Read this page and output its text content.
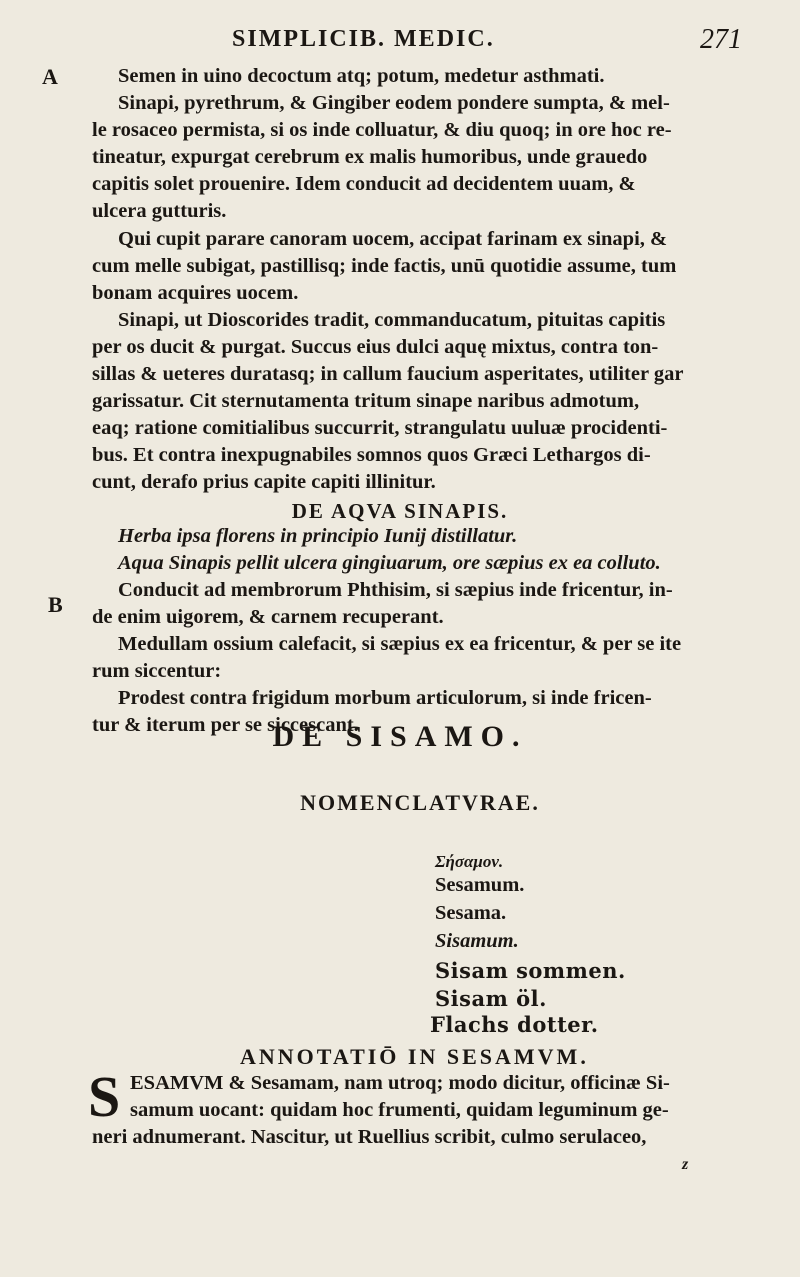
SIMPLICIB. MEDIC.	271
A
B
Semen in uino decoctum atq; potum, medetur asthmati.
Sinapi, pyrethrum, & Gingiber eodem pondere sumpta, & mel-
le rosaceo permista, si os inde colluatur, & diu quoq; in ore hoc re-
tineatur, expurgat cerebrum ex malis humoribus, unde grauedo
capitis solet prouenire. Idem conducit ad decidentem uuam, &
ulcera gutturis.
Qui cupit parare canoram uocem, accipat farinam ex sinapi, &
cum melle subigat, pastillisq; inde factis, unū quotidie assume, tum
bonam acquires uocem.
Sinapi, ut Dioscorides tradit, commanducatum, pituitas capitis
per os ducit & purgat. Succus eius dulci aquę mixtus, contra ton-
sillas & ueteres duratasq; in callum faucium asperitates, utiliter gar
garissatur. Cit sternutamenta tritum sinape naribus admotum,
eaq; ratione comitialibus succurrit, strangulatu uuluæ procidenti-
bus. Et contra inexpugnabiles somnos quos Græci Lethargos di-
cunt, derafo prius capite capiti illinitur.
DE AQVA SINAPIS.
Herba ipsa florens in principio Iunij distillatur.
Aqua Sinapis pellit ulcera gingiuarum, ore sæpius ex ea colluto.
Conducit ad membrorum Phthisim, si sæpius inde fricentur, in-
de enim uigorem, & carnem recuperant.
Medullam ossium calefacit, si sæpius ex ea fricentur, & per se ite
rum siccentur:
Prodest contra frigidum morbum articulorum, si inde fricen-
tur & iterum per se siccescant.
DE SISAMO.
NOMENCLATVRAE.
Σήσαμον.
Sesamum.
Sesama.
Sisamum.
Sisam sommen.
Sisam öl.
Flachs dotter.
ANNOTATIŌ IN SESAMVM.
S ESAMVM & Sesamam, nam utroq; modo dicitur, officinæ Si-
samum uocant: quidam hoc frumenti, quidam leguminum ge-
neri adnumerant. Nascitur, ut Ruellius scribit, culmo serulaceo,
z
